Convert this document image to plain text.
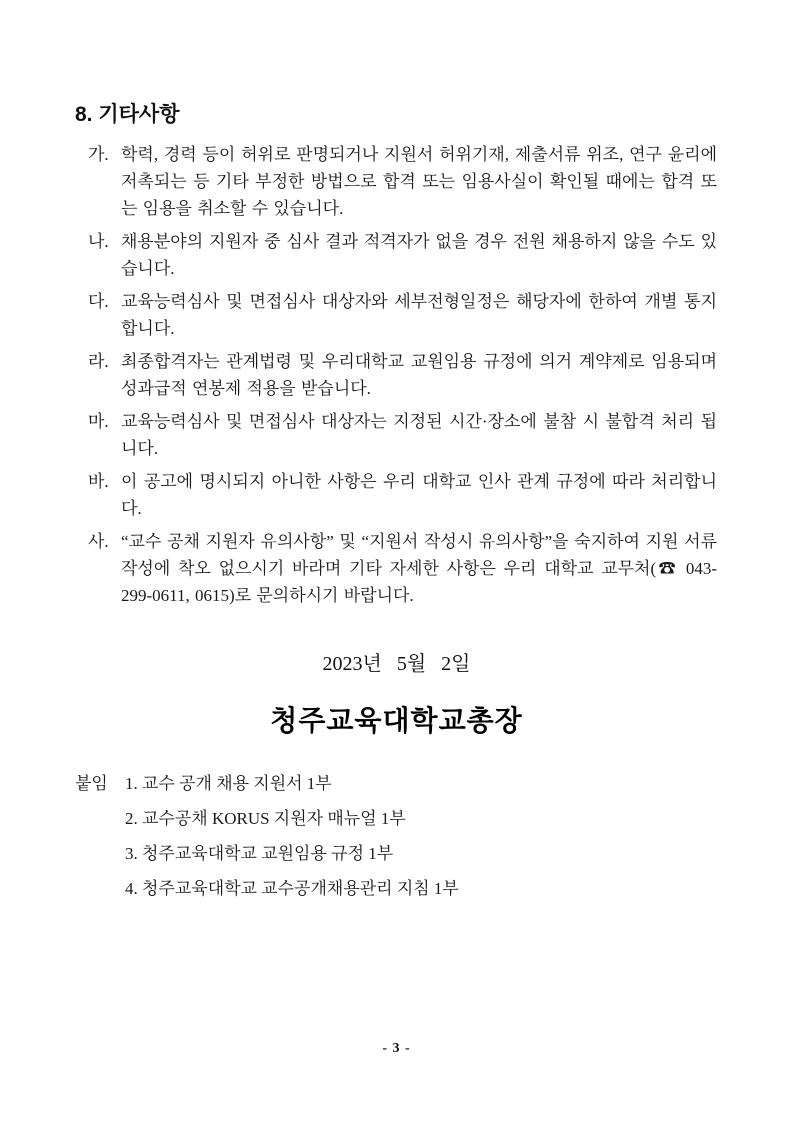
8. 기타사항
가. 학력, 경력 등이 허위로 판명되거나 지원서 허위기재, 제출서류 위조, 연구 윤리에 저촉되는 등 기타 부정한 방법으로 합격 또는 임용사실이 확인될 때에는 합격 또는 임용을 취소할 수 있습니다.
나. 채용분야의 지원자 중 심사 결과 적격자가 없을 경우 전원 채용하지 않을 수도 있습니다.
다. 교육능력심사 및 면접심사 대상자와 세부전형일정은 해당자에 한하여 개별 통지합니다.
라. 최종합격자는 관계법령 및 우리대학교 교원임용 규정에 의거 계약제로 임용되며 성과급적 연봉제 적용을 받습니다.
마. 교육능력심사 및 면접심사 대상자는 지정된 시간·장소에 불참 시 불합격 처리 됩니다.
바. 이 공고에 명시되지 아니한 사항은 우리 대학교 인사 관계 규정에 따라 처리합니다.
사. “교수 공채 지원자 유의사항” 및 “지원서 작성시 유의사항”을 숙지하여 지원 서류 작성에 착오 없으시기 바라며 기타 자세한 사항은 우리 대학교 교무처(☎ 043-299-0611, 0615)로 문의하시기 바랍니다.
2023년   5월   2일
청주교육대학교총장
붙임 1. 교수 공개 채용 지원서 1부
2. 교수공채 KORUS 지원자 매뉴얼 1부
3. 청주교육대학교 교원임용 규정 1부
4. 청주교육대학교 교수공개채용관리 지침 1부
- 3 -
